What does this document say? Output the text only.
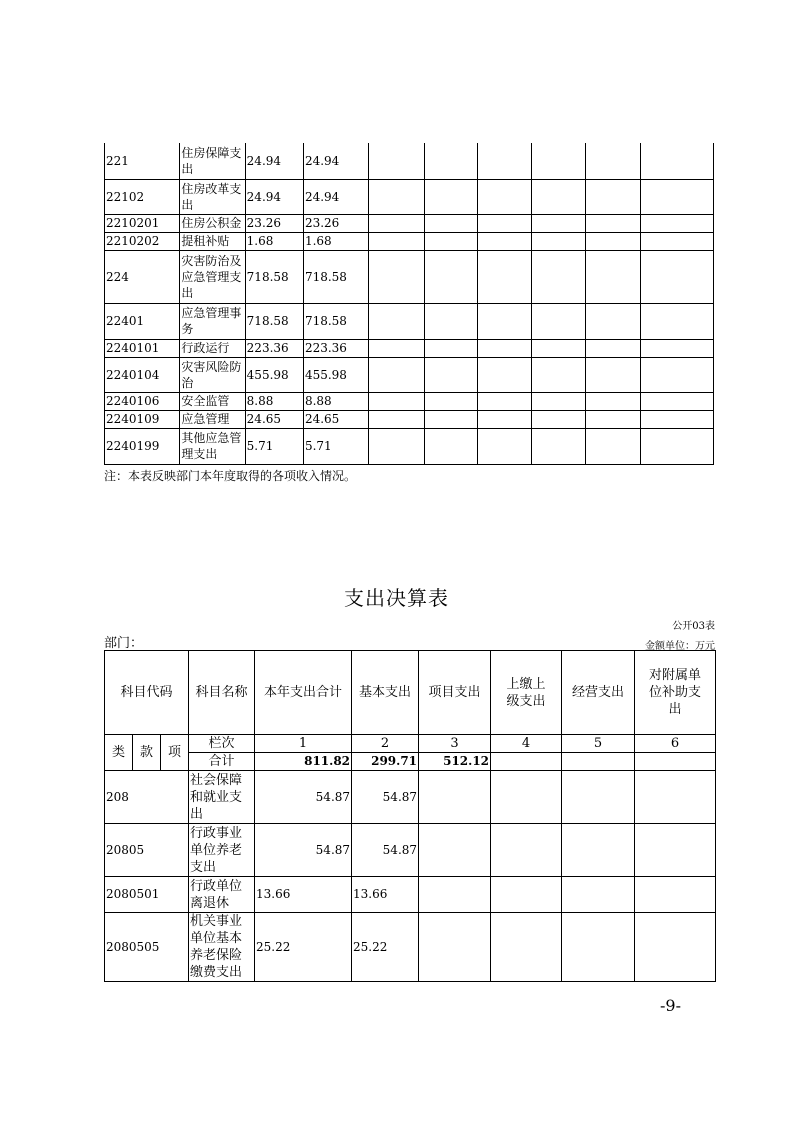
221	住房保障支出	24.94	24.94						
22102	住房改革支出	24.94	24.94						
2210201	住房公积金	23.26	23.26						
2210202	提租补贴	1.68	1.68						
224	灾害防治及应急管理支出	718.58	718.58						
22401	应急管理事务	718.58	718.58						
2240101	行政运行	223.36	223.36						
2240104	灾害风险防治	455.98	455.98						
2240106	安全监管	8.88	8.88						
2240109	应急管理	24.65	24.65						
2240199	其他应急管理支出	5.71	5.71						
注：本表反映部门本年度取得的各项收入情况。
支出决算表
公开03表
部门：	金额单位：万元
科目代码			科目名称	本年支出合计	基本支出	项目支出	上缴上级支出	经营支出	对附属单位补助支出
类	款	项	栏次	1	2	3	4	5	6
			合计	811.82	299.71	512.12			
208			社会保障和就业支出	54.87	54.87				
20805			行政事业单位养老支出	54.87	54.87				
2080501			行政单位离退休	13.66	13.66				
2080505			机关事业单位基本养老保险缴费支出	25.22	25.22				
-9-
